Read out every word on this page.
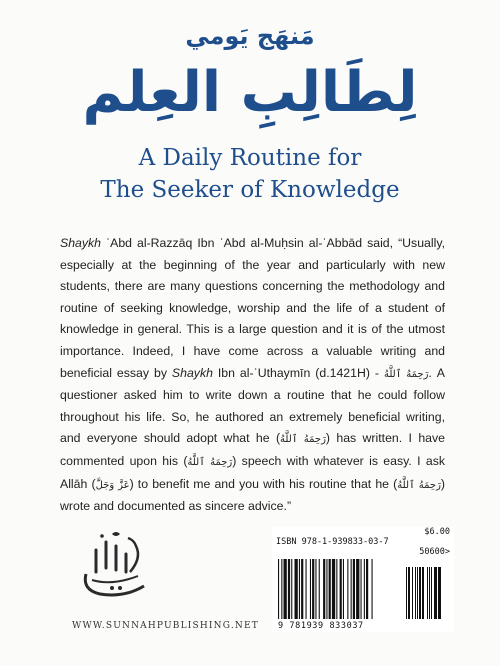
مَنهَج يَومي
لِطَالِبِ العِلم
A Daily Routine for
The Seeker of Knowledge
Shaykh ʿAbd al-Razzāq Ibn ʿAbd al-Muḥsin al-ʿAbbād said, “Usually, especially at the beginning of the year and particularly with new students, there are many questions concerning the methodology and routine of seeking knowledge, worship and the life of a student of knowledge in general. This is a large question and it is of the utmost importance. Indeed, I have come across a valuable writing and beneficial essay by Shaykh Ibn al-ʿUthaymīn (d.1421H) - رَحِمَهُ ٱللَّهُ. A questioner asked him to write down a routine that he could follow throughout his life. So, he authored an extremely beneficial writing, and everyone should adopt what he (رَحِمَهُ ٱللَّهُ) has written. I have commented upon his (رَحِمَهُ ٱللَّهُ) speech with whatever is easy. I ask Allāh (عَزَّ وَجَلَّ) to benefit me and you with his routine that he (رَحِمَهُ ٱللَّهُ) wrote and documented as sincere advice.”
WWW.SUNNAHPUBLISHING.NET
$6.00
ISBN 978-1-939833-03-7
50600>
9 781939 833037
